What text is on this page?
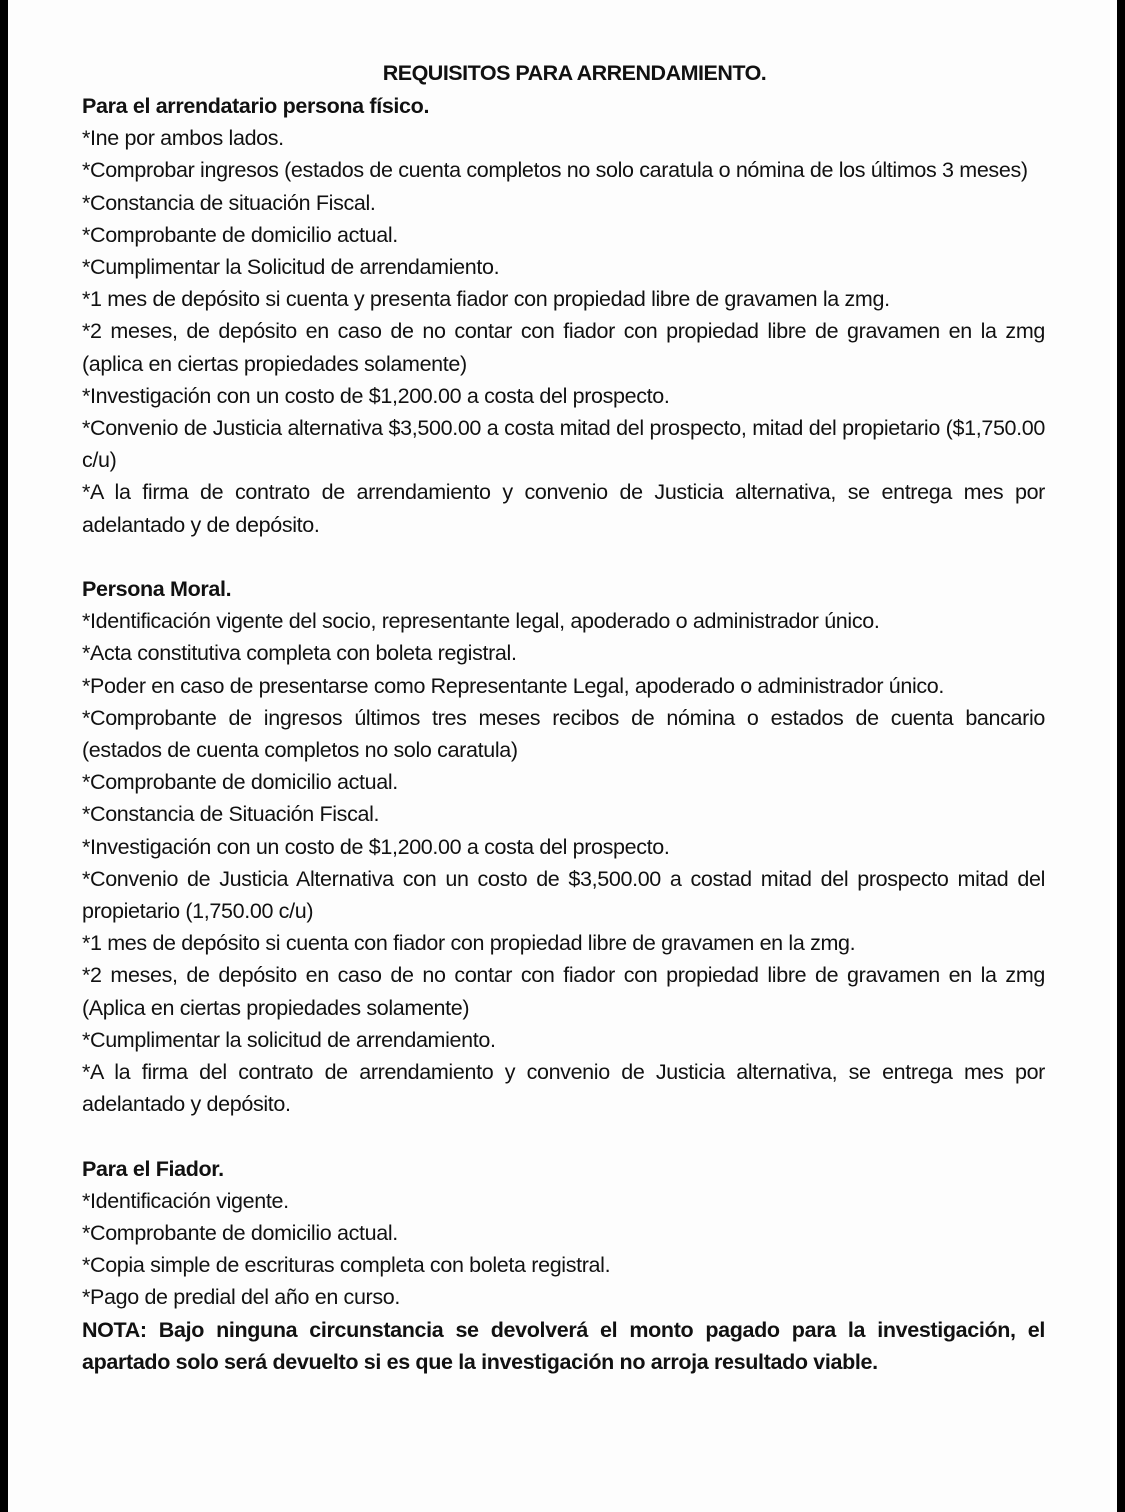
REQUISITOS PARA ARRENDAMIENTO.

Para el arrendatario persona físico.

*Ine por ambos lados.

*Comprobar ingresos (estados de cuenta completos no solo caratula o nómina de los últimos 3 meses)

*Constancia de situación Fiscal.

*Comprobante de domicilio actual.

*Cumplimentar la Solicitud de arrendamiento.

*1 mes de depósito si cuenta y presenta fiador con propiedad libre de gravamen la zmg.

*2 meses, de depósito en caso de no contar con fiador con propiedad libre de gravamen en la zmg (aplica en ciertas propiedades solamente)

*Investigación con un costo de $1,200.00 a costa del prospecto.

*Convenio de Justicia alternativa $3,500.00 a costa mitad del prospecto, mitad del propietario ($1,750.00 c/u)

*A la firma de contrato de arrendamiento y convenio de Justicia alternativa, se entrega mes por adelantado y de depósito.

Persona Moral.

*Identificación vigente del socio, representante legal, apoderado o administrador único.

*Acta constitutiva completa con boleta registral.

*Poder en caso de presentarse como Representante Legal, apoderado o administrador único.

*Comprobante de ingresos últimos tres meses recibos de nómina o estados de cuenta bancario (estados de cuenta completos no solo caratula)

*Comprobante de domicilio actual.

*Constancia de Situación Fiscal.

*Investigación con un costo de $1,200.00 a costa del prospecto.

*Convenio de Justicia Alternativa con un costo de $3,500.00 a costad mitad del prospecto mitad del propietario (1,750.00 c/u)

*1 mes de depósito si cuenta con fiador con propiedad libre de gravamen en la zmg.

*2 meses, de depósito en caso de no contar con fiador con propiedad libre de gravamen en la zmg (Aplica en ciertas propiedades solamente)

*Cumplimentar la solicitud de arrendamiento.

*A la firma del contrato de arrendamiento y convenio de Justicia alternativa, se entrega mes por adelantado y depósito.

Para el Fiador.

*Identificación vigente.

*Comprobante de domicilio actual.

*Copia simple de escrituras completa con boleta registral.

*Pago de predial del año en curso.

NOTA: Bajo ninguna circunstancia se devolverá el monto pagado para la investigación, el apartado solo será devuelto si es que la investigación no arroja resultado viable.
